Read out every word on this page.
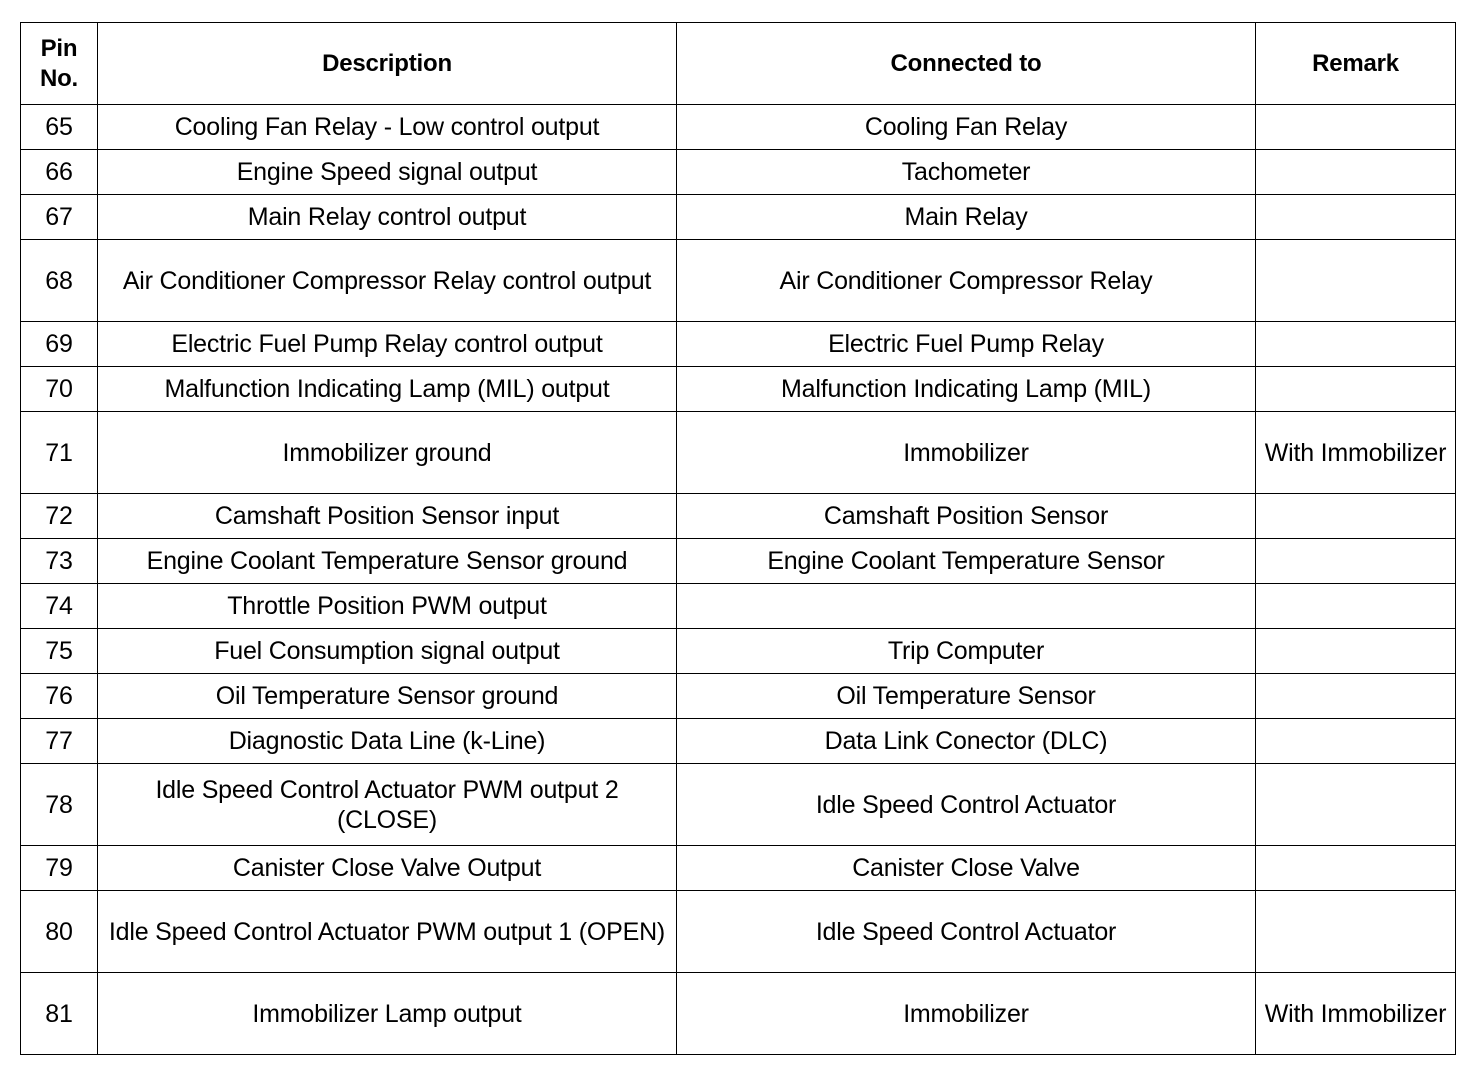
Pin No.	Description	Connected to	Remark
65	Cooling Fan Relay - Low control output	Cooling Fan Relay	
66	Engine Speed signal output	Tachometer	
67	Main Relay control output	Main Relay	
68	Air Conditioner Compressor Relay control output	Air Conditioner Compressor Relay	
69	Electric Fuel Pump Relay control output	Electric Fuel Pump Relay	
70	Malfunction Indicating Lamp (MIL) output	Malfunction Indicating Lamp (MIL)	
71	Immobilizer ground	Immobilizer	With Immobilizer
72	Camshaft Position Sensor input	Camshaft Position Sensor	
73	Engine Coolant Temperature Sensor ground	Engine Coolant Temperature Sensor	
74	Throttle Position PWM output		
75	Fuel Consumption signal output	Trip Computer	
76	Oil Temperature Sensor ground	Oil Temperature Sensor	
77	Diagnostic Data Line (k-Line)	Data Link Conector (DLC)	
78	Idle Speed Control Actuator PWM output 2 (CLOSE)	Idle Speed Control Actuator	
79	Canister Close Valve Output	Canister Close Valve	
80	Idle Speed Control Actuator PWM output 1 (OPEN)	Idle Speed Control Actuator	
81	Immobilizer Lamp output	Immobilizer	With Immobilizer
